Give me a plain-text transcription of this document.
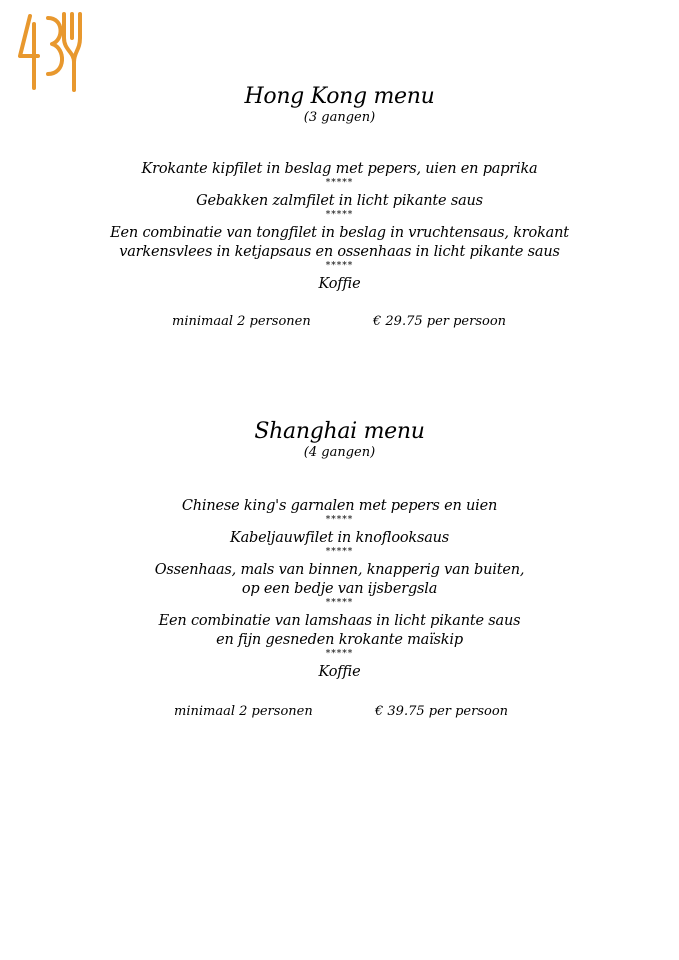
Hong Kong menu
(3 gangen)
Krokante kipfilet in beslag met pepers, uien en paprika
*****
Gebakken zalmfilet in licht pikante saus
*****
Een combinatie van tongfilet in beslag in vruchtensaus, krokant
varkensvlees in ketjapsaus en ossenhaas in licht pikante saus
*****
Koffie
minimaal 2 personen	€ 29.75 per persoon
Shanghai menu
(4 gangen)
Chinese king's garnalen met pepers en uien
*****
Kabeljauwfilet in knoflooksaus
*****
Ossenhaas, mals van binnen, knapperig van buiten,
op een bedje van ijsbergsla
*****
Een combinatie van lamshaas in licht pikante saus
en fijn gesneden krokante maïskip
*****
Koffie
minimaal 2 personen	€ 39.75 per persoon
